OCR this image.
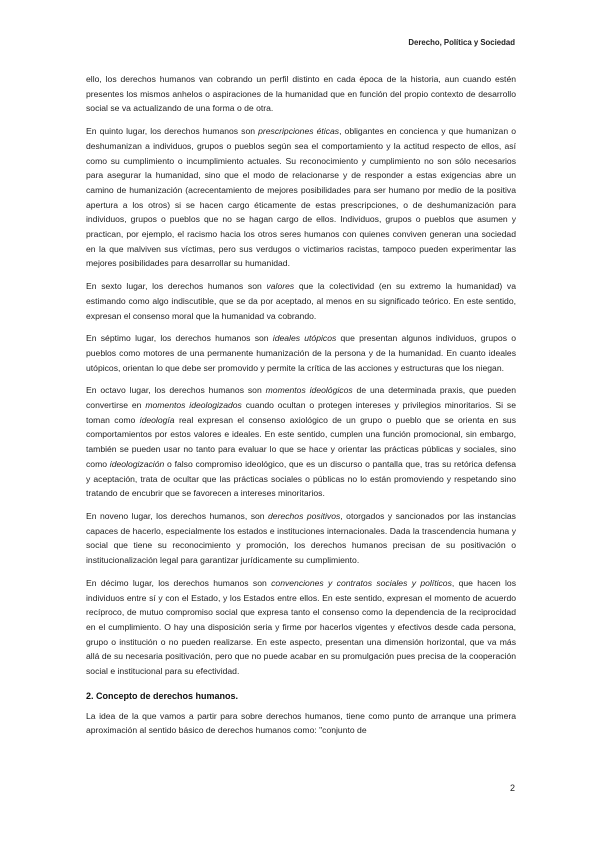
Derecho, Política y Sociedad

ello, los derechos humanos van cobrando un perfil distinto en cada época de la historia, aun cuando estén presentes los mismos anhelos o aspiraciones de la humanidad que en función del propio contexto de desarrollo social se va actualizando de una forma o de otra.

En quinto lugar, los derechos humanos son prescripciones éticas, obligantes en concienca y que humanizan o deshumanizan a individuos, grupos o pueblos según sea el comportamiento y la actitud respecto de ellos, así como su cumplimiento o incumplimiento actuales. Su reconocimiento y cumplimiento no son sólo necesarios para asegurar la humanidad, sino que el modo de relacionarse y de responder a estas exigencias abre un camino de humanización (acrecentamiento de mejores posibilidades para ser humano por medio de la positiva apertura a los otros) si se hacen cargo éticamente de estas prescripciones, o de deshumanización para individuos, grupos o pueblos que no se hagan cargo de ellos. Individuos, grupos o pueblos que asumen y practican, por ejemplo, el racismo hacia los otros seres humanos con quienes conviven generan una sociedad en la que malviven sus víctimas, pero sus verdugos o victimarios racistas, tampoco pueden experimentar las mejores posibilidades para desarrollar su humanidad.

En sexto lugar, los derechos humanos son valores que la colectividad (en su extremo la humanidad) va estimando como algo indiscutible, que se da por aceptado, al menos en su significado teórico. En este sentido, expresan el consenso moral que la humanidad va cobrando.

En séptimo lugar, los derechos humanos son ideales utópicos que presentan algunos individuos, grupos o pueblos como motores de una permanente humanización de la persona y de la humanidad. En cuanto ideales utópicos, orientan lo que debe ser promovido y permite la crítica de las acciones y estructuras que los niegan.

En octavo lugar, los derechos humanos son momentos ideológicos de una determinada praxis, que pueden convertirse en momentos ideologizados cuando ocultan o protegen intereses y privilegios minoritarios. Si se toman como ideología real expresan el consenso axiológico de un grupo o pueblo que se orienta en sus comportamientos por estos valores e ideales. En este sentido, cumplen una función promocional, sin embargo, también se pueden usar no tanto para evaluar lo que se hace y orientar las prácticas públicas y sociales, sino como ideologización o falso compromiso ideológico, que es un discurso o pantalla que, tras su retórica defensa y aceptación, trata de ocultar que las prácticas sociales o públicas no lo están promoviendo y respetando sino tratando de encubrir que se favorecen a intereses minoritarios.

En noveno lugar, los derechos humanos, son derechos positivos, otorgados y sancionados por las instancias capaces de hacerlo, especialmente los estados e instituciones internacionales. Dada la trascendencia humana y social que tiene su reconocimiento y promoción, los derechos humanos precisan de su positivación o institucionalización legal para garantizar jurídicamente su cumplimiento.

En décimo lugar, los derechos humanos son convenciones y contratos sociales y políticos, que hacen los individuos entre sí y con el Estado, y los Estados entre ellos. En este sentido, expresan el momento de acuerdo recíproco, de mutuo compromiso social que expresa tanto el consenso como la dependencia de la reciprocidad en el cumplimiento. O hay una disposición seria y firme por hacerlos vigentes y efectivos desde cada persona, grupo o institución o no pueden realizarse. En este aspecto, presentan una dimensión horizontal, que va más allá de su necesaria positivación, pero que no puede acabar en su promulgación pues precisa de la cooperación social e institucional para su efectividad.

2. Concepto de derechos humanos.

La idea de la que vamos a partir para sobre derechos humanos, tiene como punto de arranque una primera aproximación al sentido básico de derechos humanos como: "conjunto de

2
